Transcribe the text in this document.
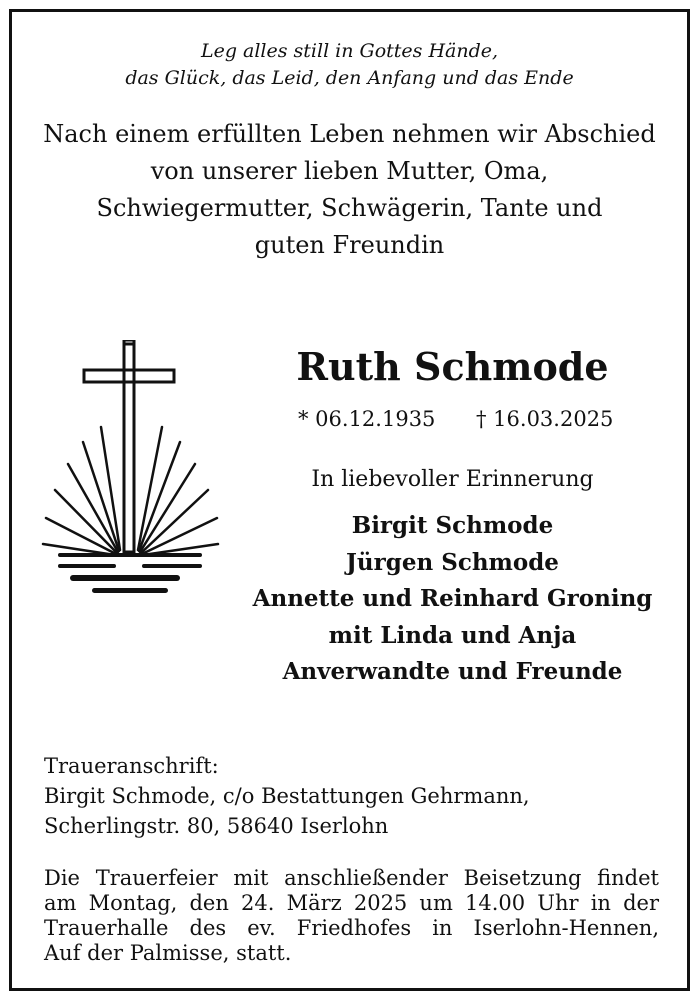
Leg alles still in Gottes Hände,
das Glück, das Leid, den Anfang und das Ende
Nach einem erfüllten Leben nehmen wir Abschied
von unserer lieben Mutter, Oma,
Schwiegermutter, Schwägerin, Tante und
guten Freundin
Ruth Schmode
* 06.12.1935 † 16.03.2025
In liebevoller Erinnerung
Birgit Schmode
Jürgen Schmode
Annette und Reinhard Groning
mit Linda und Anja
Anverwandte und Freunde
Traueranschrift:
Birgit Schmode, c/o Bestattungen Gehrmann,
Scherlingstr. 80, 58640 Iserlohn
Die Trauerfeier mit anschließender Beisetzung findet
am Montag, den 24. März 2025 um 14.00 Uhr in der
Trauerhalle des ev. Friedhofes in Iserlohn-Hennen,
Auf der Palmisse, statt.
